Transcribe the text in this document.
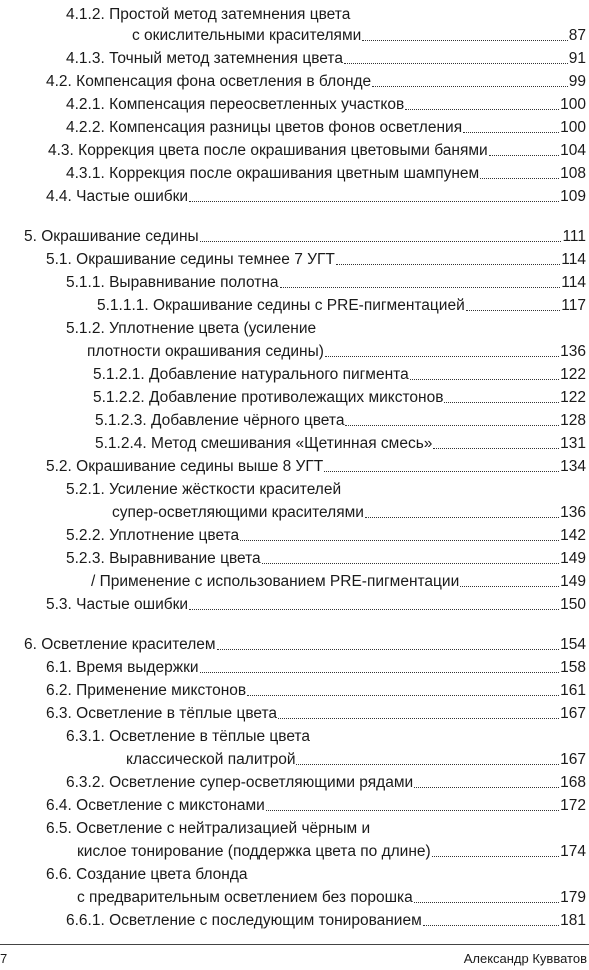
4.1.2. Простой метод затемнения цвета
с окислительными красителями	87
4.1.3. Точный метод затемнения цвета	91
4.2. Компенсация фона осветления в блонде	99
4.2.1. Компенсация переосветленных участков	100
4.2.2. Компенсация разницы цветов фонов осветления	100
4.3. Коррекция цвета после окрашивания цветовыми банями	104
4.3.1. Коррекция после окрашивания цветным шампунем	108
4.4. Частые ошибки	109
5. Окрашивание седины	111
5.1. Окрашивание седины темнее 7 УГТ	114
5.1.1. Выравнивание полотна	114
5.1.1.1. Окрашивание седины с PRE-пигментацией	117
5.1.2. Уплотнение цвета (усиление
плотности окрашивания седины)	136
5.1.2.1. Добавление натурального пигмента	122
5.1.2.2. Добавление противолежащих микстонов	122
5.1.2.3. Добавление чёрного цвета	128
5.1.2.4. Метод смешивания «Щетинная смесь»	131
5.2. Окрашивание седины выше 8 УГТ	134
5.2.1. Усиление жёсткости красителей
супер-осветляющими красителями	136
5.2.2. Уплотнение цвета	142
5.2.3. Выравнивание цвета	149
/ Применение с использованием PRE-пигментации	149
5.3. Частые ошибки	150
6. Осветление красителем	154
6.1. Время выдержки	158
6.2. Применение микстонов	161
6.3. Осветление в тёплые цвета	167
6.3.1. Осветление в тёплые цвета
классической палитрой	167
6.3.2. Осветление супер-осветляющими рядами	168
6.4. Осветление с микстонами	172
6.5. Осветление с нейтрализацией чёрным и
кислое тонирование (поддержка цвета по длине)	174
6.6. Создание цвета блонда
с предварительным осветлением без порошка	179
6.6.1. Осветление с последующим тонированием	181
7	Александр Кувватов
